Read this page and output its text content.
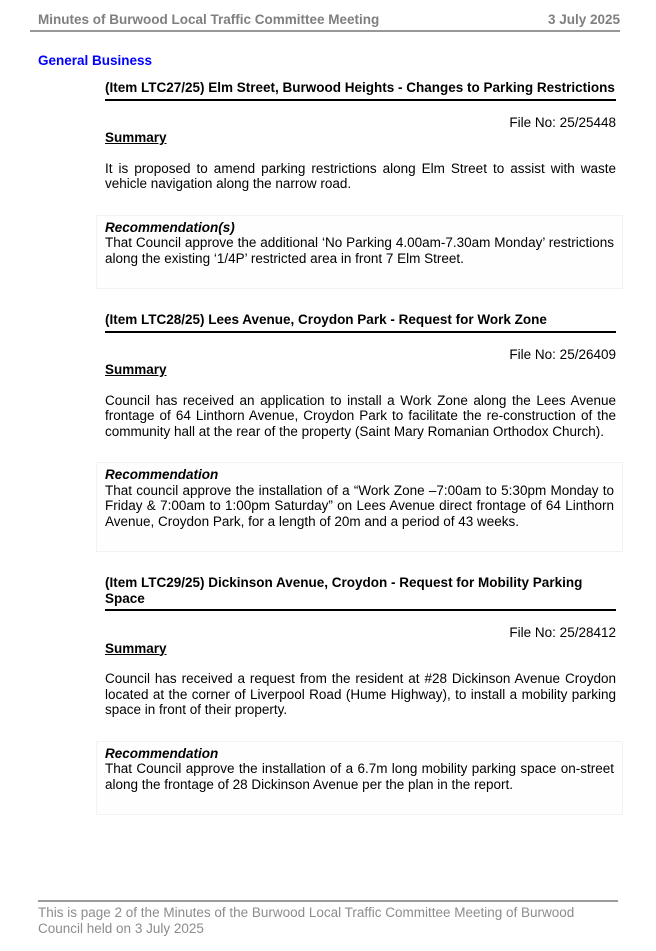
Minutes of Burwood Local Traffic Committee Meeting	3 July 2025
General Business
(Item LTC27/25) Elm Street, Burwood Heights - Changes to Parking Restrictions
File No: 25/25448
Summary
It is proposed to amend parking restrictions along Elm Street to assist with waste vehicle navigation along the narrow road.
Recommendation(s)
That Council approve the additional ‘No Parking 4.00am-7.30am Monday’ restrictions along the existing ‘1/4P’ restricted area in front 7 Elm Street.
(Item LTC28/25) Lees Avenue, Croydon Park - Request for Work Zone
File No: 25/26409
Summary
Council has received an application to install a Work Zone along the Lees Avenue frontage of 64 Linthorn Avenue, Croydon Park to facilitate the re-construction of the community hall at the rear of the property (Saint Mary Romanian Orthodox Church).
Recommendation
That council approve the installation of a “Work Zone –7:00am to 5:30pm Monday to Friday & 7:00am to 1:00pm Saturday” on Lees Avenue direct frontage of 64 Linthorn Avenue, Croydon Park, for a length of 20m and a period of 43 weeks.
(Item LTC29/25) Dickinson Avenue, Croydon - Request for Mobility Parking Space
File No: 25/28412
Summary
Council has received a request from the resident at #28 Dickinson Avenue Croydon located at the corner of Liverpool Road (Hume Highway), to install a mobility parking space in front of their property.
Recommendation
That Council approve the installation of a 6.7m long mobility parking space on-street along the frontage of 28 Dickinson Avenue per the plan in the report.
This is page 2 of the Minutes of the Burwood Local Traffic Committee Meeting of Burwood Council held on 3 July 2025
